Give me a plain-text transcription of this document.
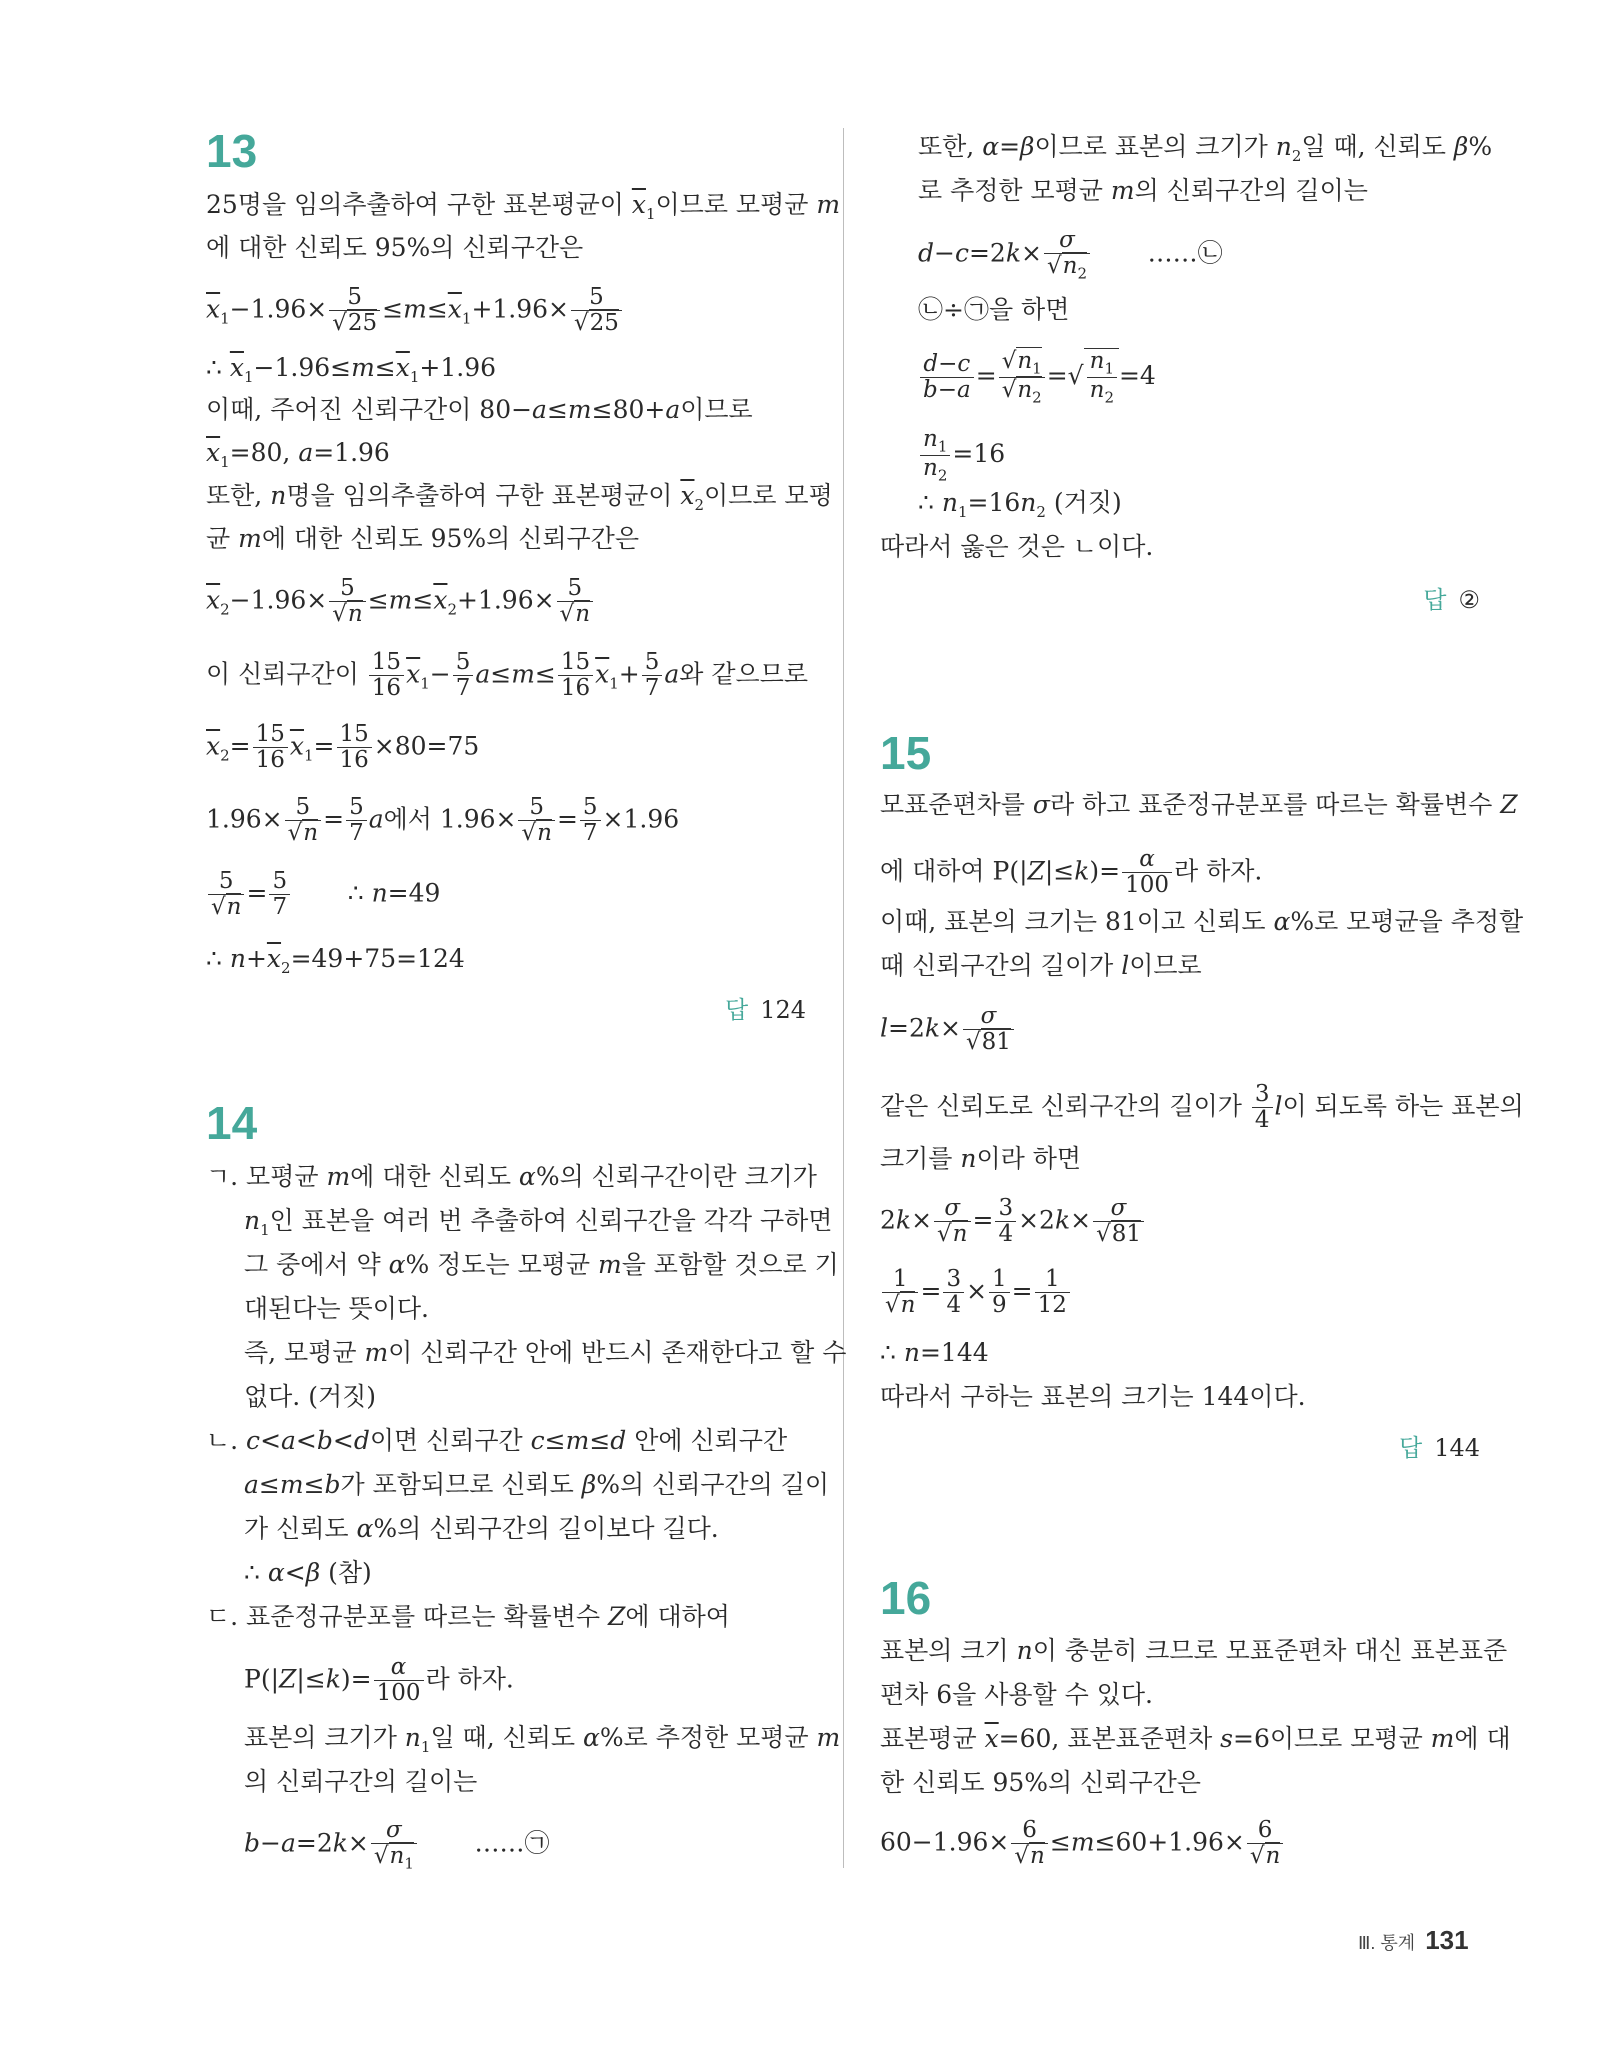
13
25명을 임의추출하여 구한 표본평균이 $\overline{x}_1$이므로 모평균 m
에 대한 신뢰도 95%의 신뢰구간은
$\overline{x}_1-1.96\times \frac{5}{√25} \le m\le\overline{x}_1+1.96\times \frac{5}{√25}$
∴ $\overline{x}_1-1.96\le m\le\overline{x}_1+1.96$
이때, 주어진 신뢰구간이 80−a≤m≤80+a이므로
$\overline{x}_1=80$, a=1.96
또한, n명을 임의추출하여 구한 표본평균이 $\overline{x}_2$이므로 모평
균 m에 대한 신뢰도 95%의 신뢰구간은
$\overline{x}_2-1.96\times \frac{5}{√n} \le m\le\overline{x}_2+1.96\times \frac{5}{√n}$
이 신뢰구간이 $\frac{15}{16} \overline{x}_1- \frac{5}{7} a\le m\le \frac{15}{16} \overline{x}_1+ \frac{5}{7}$ a와 같으므로
$\overline{x}_2= \frac{15}{16} \overline{x}_1= \frac{15}{16} \times 80=75$
$1.96\times \frac{5}{√n} = \frac{5}{7}$ a에서 $1.96\times \frac{5}{√n} = \frac{5}{7} \times 1.96$
$\frac{5}{√n} = \frac{5}{7}$ ∴ n=49
∴ $n+\overline{x}_2=49+75=124$
답 124
14
ㄱ. 모평균 m에 대한 신뢰도 α%의 신뢰구간이란 크기가
$n_1$인 표본을 여러 번 추출하여 신뢰구간을 각각 구하면
그 중에서 약 α% 정도는 모평균 m을 포함할 것으로 기
대된다는 뜻이다.
즉, 모평균 m이 신뢰구간 안에 반드시 존재한다고 할 수
없다. (거짓)
ㄴ. c<a<b<d이면 신뢰구간 c≤m≤d 안에 신뢰구간
a≤m≤b가 포함되므로 신뢰도 β%의 신뢰구간의 길이
가 신뢰도 α%의 신뢰구간의 길이보다 길다.
∴ α<β (참)
ㄷ. 표준정규분포를 따르는 확률변수 Z에 대하여
$P(|Z|\le k)= \frac{\alpha}{100}$ 라 하자.
표본의 크기가 $n_1$일 때, 신뢰도 α%로 추정한 모평균 m
의 신뢰구간의 길이는
$b-a=2k\times \frac{\sigma}{√n_1}$ ……㉠
또한, α=β이므로 표본의 크기가 $n_2$일 때, 신뢰도 β%
로 추정한 모평균 m의 신뢰구간의 길이는
$d-c=2k\times \frac{\sigma}{√n_2}$ ……㉡
㉡÷㉠을 하면
$\frac{d-c}{b-a} = \frac{√n_1}{√n_2}$ =√ $\frac{n_1}{n_2} =4$
$\frac{n_1}{n_2} =16$
∴ $n_1=16n_2$ (거짓)
따라서 옳은 것은 ㄴ이다.
답 ②
15
모표준편차를 σ라 하고 표준정규분포를 따르는 확률변수 Z
에 대하여 $P(|Z|\le k)= \frac{\alpha}{100}$ 라 하자.
이때, 표본의 크기는 81이고 신뢰도 α%로 모평균을 추정할
때 신뢰구간의 길이가 l이므로
$l=2k\times \frac{\sigma}{√81}$
같은 신뢰도로 신뢰구간의 길이가 $\frac{3}{4}$ l이 되도록 하는 표본의
크기를 n이라 하면
$2k\times \frac{\sigma}{√n} = \frac{3}{4} \times 2k\times \frac{\sigma}{√81}$
$\frac{1}{√n} = \frac{3}{4} \times \frac{1}{9} = \frac{1}{12}$
∴ n=144
따라서 구하는 표본의 크기는 144이다.
답 144
16
표본의 크기 n이 충분히 크므로 모표준편차 대신 표본표준
편차 6을 사용할 수 있다.
표본평균 $\overline{x}=60$, 표본표준편차 s=6이므로 모평균 m에 대
한 신뢰도 95%의 신뢰구간은
$60-1.96\times \frac{6}{√n} \le m\le 60+1.96\times \frac{6}{√n}$
Ⅲ. 통계 131
